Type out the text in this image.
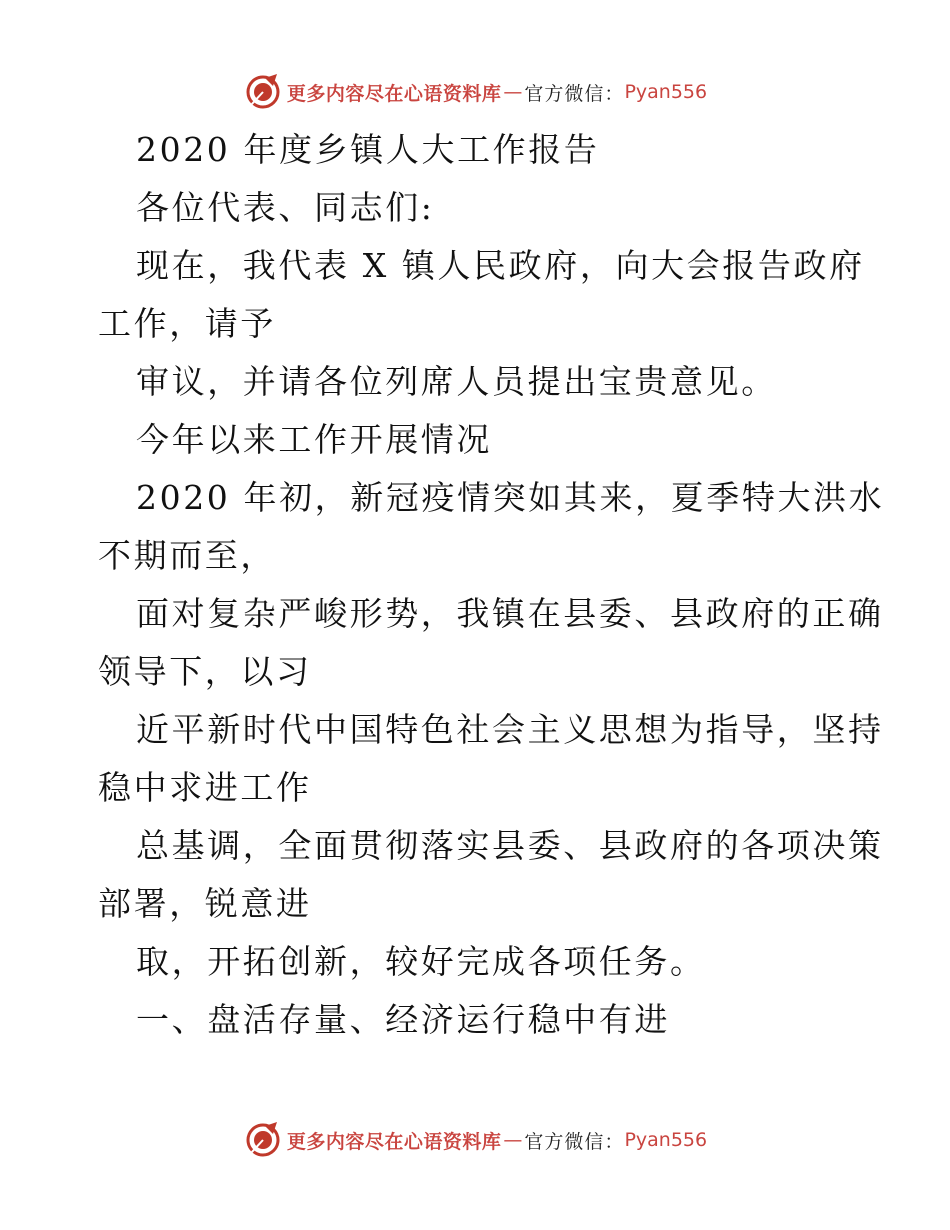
更多内容尽在心语资料库 — 官方微信： Pyan556
2020 年度乡镇人大工作报告
各位代表、同志们:
现在，我代表 X 镇人民政府，向大会报告政府
工作，请予
审议，并请各位列席人员提出宝贵意见。
今年以来工作开展情况
2020 年初，新冠疫情突如其来，夏季特大洪水
不期而至，
面对复杂严峻形势，我镇在县委、县政府的正确
领导下，以习
近平新时代中国特色社会主义思想为指导，坚持
稳中求进工作
总基调，全面贯彻落实县委、县政府的各项决策
部署，锐意进
取，开拓创新，较好完成各项任务。
一、盘活存量、经济运行稳中有进
更多内容尽在心语资料库 — 官方微信： Pyan556
